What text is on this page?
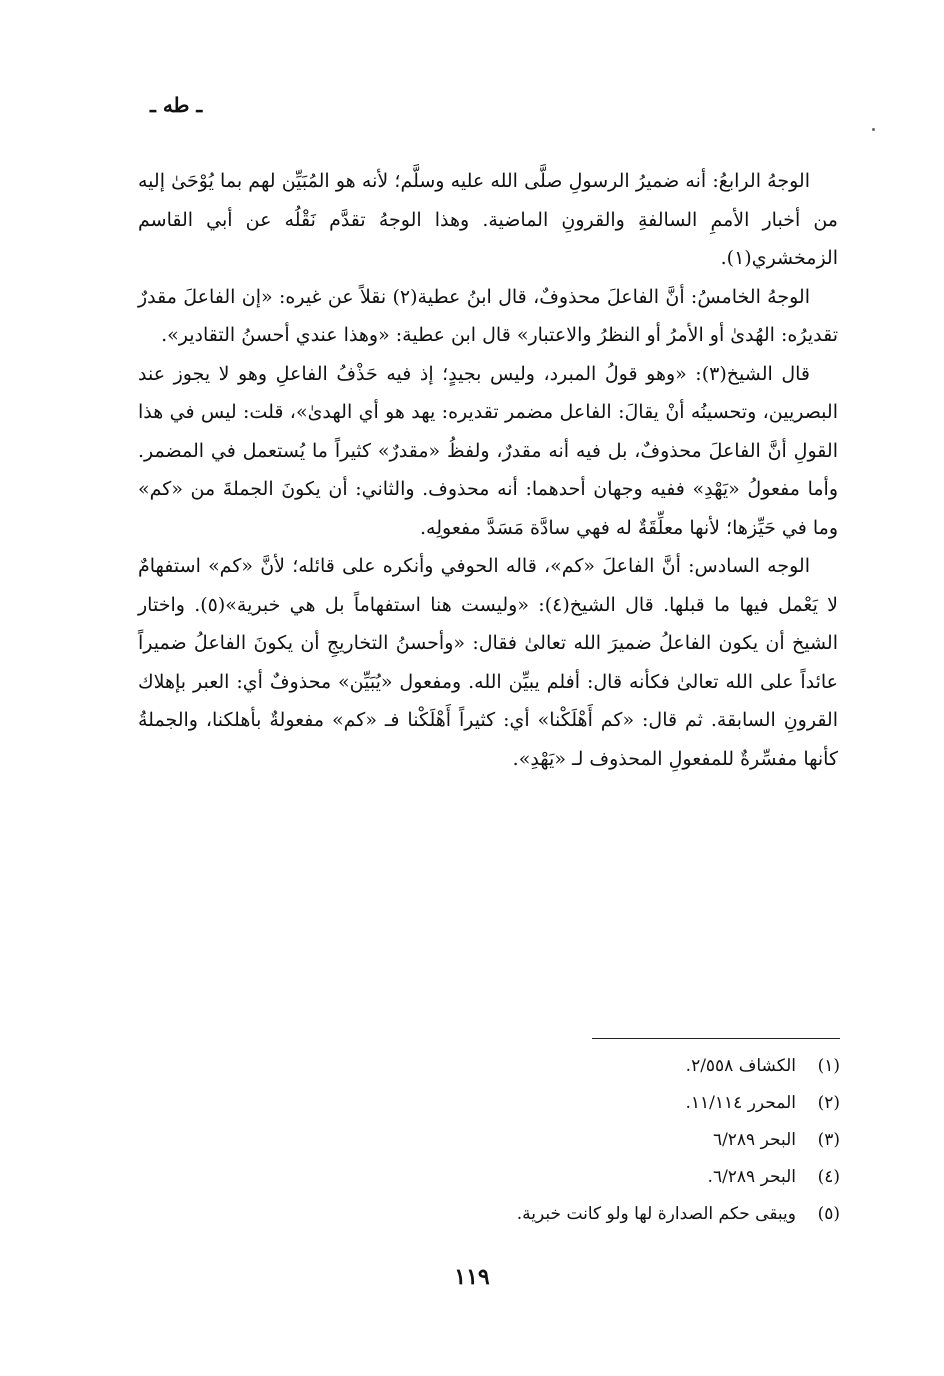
ـ طه ـ

الوجهُ الرابعُ: أنه ضميرُ الرسولِ صلَّى الله عليه وسلَّم؛ لأنه هو المُبَيِّن لهم بما يُوْحَىٰ إليه من أخبار الأممِ السالفةِ والقرونِ الماضية. وهذا الوجهُ تقدَّم نَقْلُه عن أبي القاسم الزمخشري(١).

الوجهُ الخامسُ: أنَّ الفاعلَ محذوفٌ، قال ابنُ عطية(٢) نقلاً عن غيره: «إن الفاعلَ مقدرٌ تقديرُه: الهُدىٰ أو الأمرُ أو النظرُ والاعتبار» قال ابن عطية: «وهذا عندي أحسنُ التقادير».

قال الشيخ(٣): «وهو قولُ المبرد، وليس بجيدٍ؛ إذ فيه حَذْفُ الفاعلِ وهو لا يجوز عند البصريين، وتحسينُه أنْ يقالَ: الفاعل مضمر تقديره: يهد هو أي الهدىٰ»، قلت: ليس في هذا القولِ أنَّ الفاعلَ محذوفٌ، بل فيه أنه مقدرٌ، ولفظُ «مقدرٌ» كثيراً ما يُستعمل في المضمر. وأما مفعولُ «يَهْدِ» ففيه وجهان أحدهما: أنه محذوف. والثاني: أن يكونَ الجملةَ من «كم» وما في حَيِّزها؛ لأنها معلِّقَةٌ له فهي سادَّة مَسَدَّ مفعولِه.

الوجه السادس: أنَّ الفاعلَ «كم»، قاله الحوفي وأنكره على قائله؛ لأنَّ «كم» استفهامٌ لا يَعْمل فيها ما قبلها. قال الشيخ(٤): «وليست هنا استفهاماً بل هي خبرية»(٥). واختار الشيخ أن يكون الفاعلُ ضميرَ الله تعالىٰ فقال: «وأحسنُ التخاريجِ أن يكونَ الفاعلُ ضميراً عائداً على الله تعالىٰ فكأنه قال: أفلم يبيِّن الله. ومفعول «يُبَيِّن» محذوفٌ أي: العبر بإهلاك القرونِ السابقة. ثم قال: «كم أَهْلَكْنا» أي: كثيراً أَهْلَكْنا فـ «كم» مفعولةٌ بأهلكنا، والجملةُ كأنها مفسِّرةٌ للمفعولِ المحذوف لـ «يَهْدِ».

(١)الكشاف ٢/٥٥٨.
(٢)المحرر ١١/١١٤.
(٣)البحر ٦/٢٨٩
(٤)البحر ٦/٢٨٩.
(٥)ويبقى حكم الصدارة لها ولو كانت خبرية.
١١٩
